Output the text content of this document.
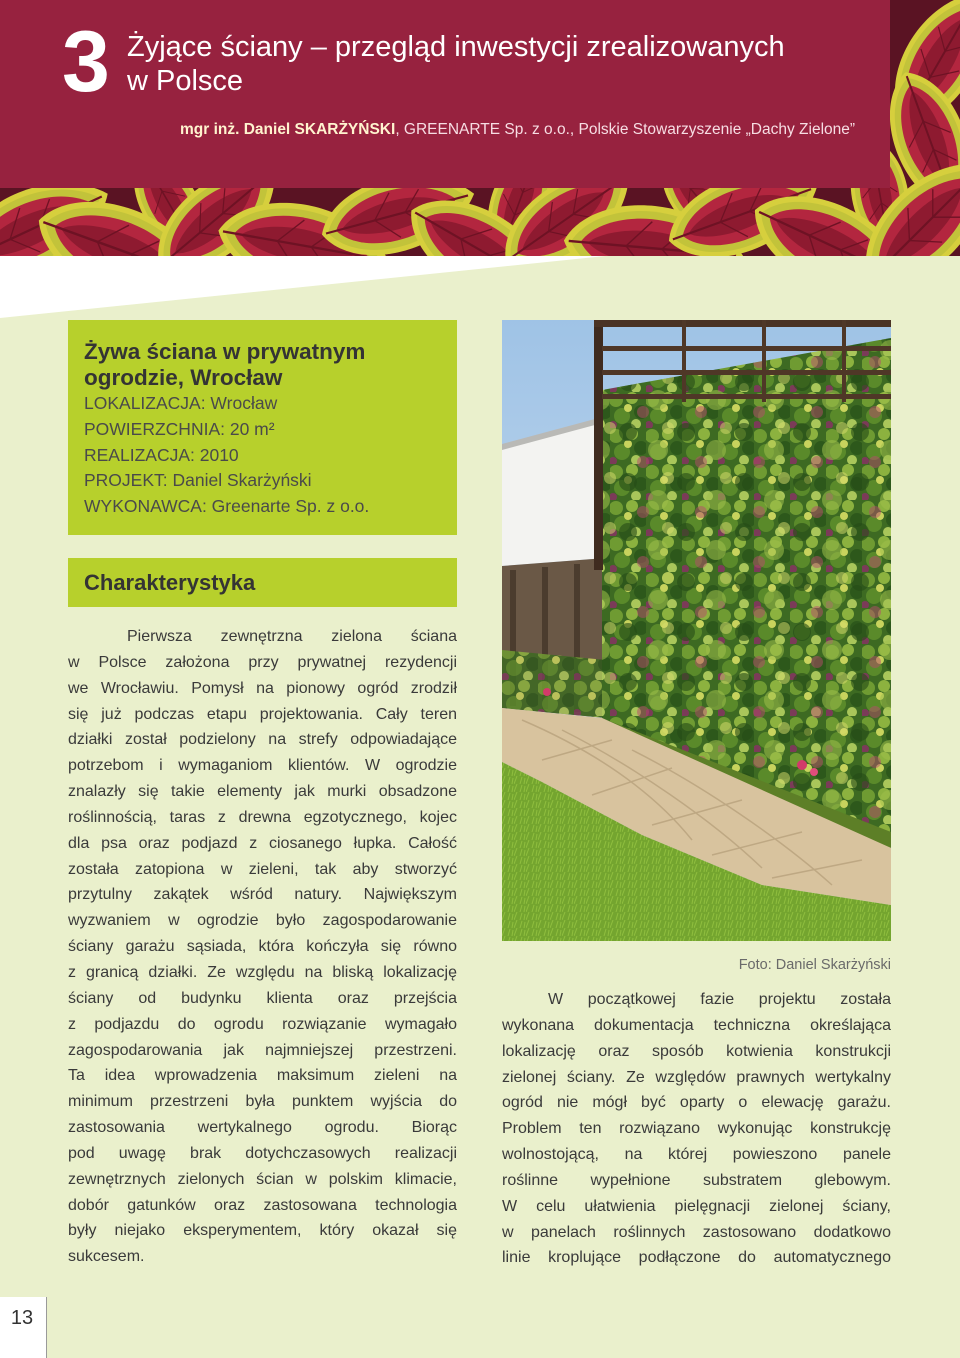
3 Żyjące ściany – przegląd inwestycji zrealizowanych
w Polsce
mgr inż. Daniel SKARŻYŃSKI, GREENARTE Sp. z o.o., Polskie Stowarzyszenie „Dachy Zielone”
Żywa ściana w prywatnym
ogrodzie, Wrocław
LOKALIZACJA: Wrocław
POWIERZCHNIA: 20 m²
REALIZACJA: 2010
PROJEKT: Daniel Skarżyński
WYKONAWCA: Greenarte Sp. z o.o.
Charakterystyka
Pierwsza zewnętrzna zielona ściana
w Polsce założona przy prywatnej rezydencji
we Wrocławiu. Pomysł na pionowy ogród zrodził
się już podczas etapu projektowania. Cały teren
działki został podzielony na strefy odpowiadające
potrzebom i wymaganiom klientów. W ogrodzie
znalazły się takie elementy jak murki obsadzone
roślinnością, taras z drewna egzotycznego, kojec
dla psa oraz podjazd z ciosanego łupka. Całość
została zatopiona w zieleni, tak aby stworzyć
przytulny zakątek wśród natury. Największym
wyzwaniem w ogrodzie było zagospodarowanie
ściany garażu sąsiada, która kończyła się równo
z granicą działki. Ze względu na bliską lokalizację
ściany od budynku klienta oraz przejścia
z podjazdu do ogrodu rozwiązanie wymagało
zagospodarowania jak najmniejszej przestrzeni.
Ta idea wprowadzenia maksimum zieleni na
minimum przestrzeni była punktem wyjścia do
zastosowania wertykalnego ogrodu. Biorąc
pod uwagę brak dotychczasowych realizacji
zewnętrznych zielonych ścian w polskim klimacie,
dobór gatunków oraz zastosowana technologia
były niejako eksperymentem, który okazał się
sukcesem.
Foto: Daniel Skarżyński
W początkowej fazie projektu została
wykonana dokumentacja techniczna określająca
lokalizację oraz sposób kotwienia konstrukcji
zielonej ściany. Ze względów prawnych wertykalny
ogród nie mógł być oparty o elewację garażu.
Problem ten rozwiązano wykonując konstrukcję
wolnostojącą, na której powieszono panele
roślinne wypełnione substratem glebowym.
W celu ułatwienia pielęgnacji zielonej ściany,
w panelach roślinnych zastosowano dodatkowo
linie kroplujące podłączone do automatycznego
13
